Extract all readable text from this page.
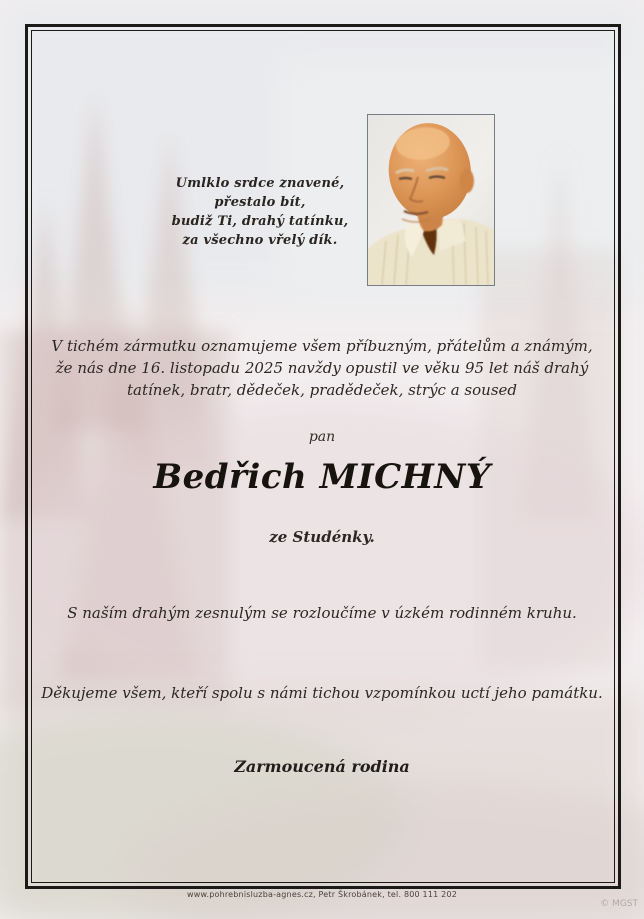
Umlklo srdce znavené,
přestalo bít,
budiž Ti, drahý tatínku,
za všechno vřelý dík.
V tichém zármutku oznamujeme všem příbuzným, přátelům a známým,
že nás dne 16. listopadu 2025 navždy opustil ve věku 95 let náš drahý
tatínek, bratr, dědeček, pradědeček, strýc a soused
pan
Bedřich MICHNÝ
ze Studénky.
S naším drahým zesnulým se rozloučíme v úzkém rodinném kruhu.
Děkujeme všem, kteří spolu s námi tichou vzpomínkou uctí jeho památku.
Zarmoucená rodina
www.pohrebnisluzba-agnes.cz, Petr Škrobánek, tel. 800 111 202
© MGST
